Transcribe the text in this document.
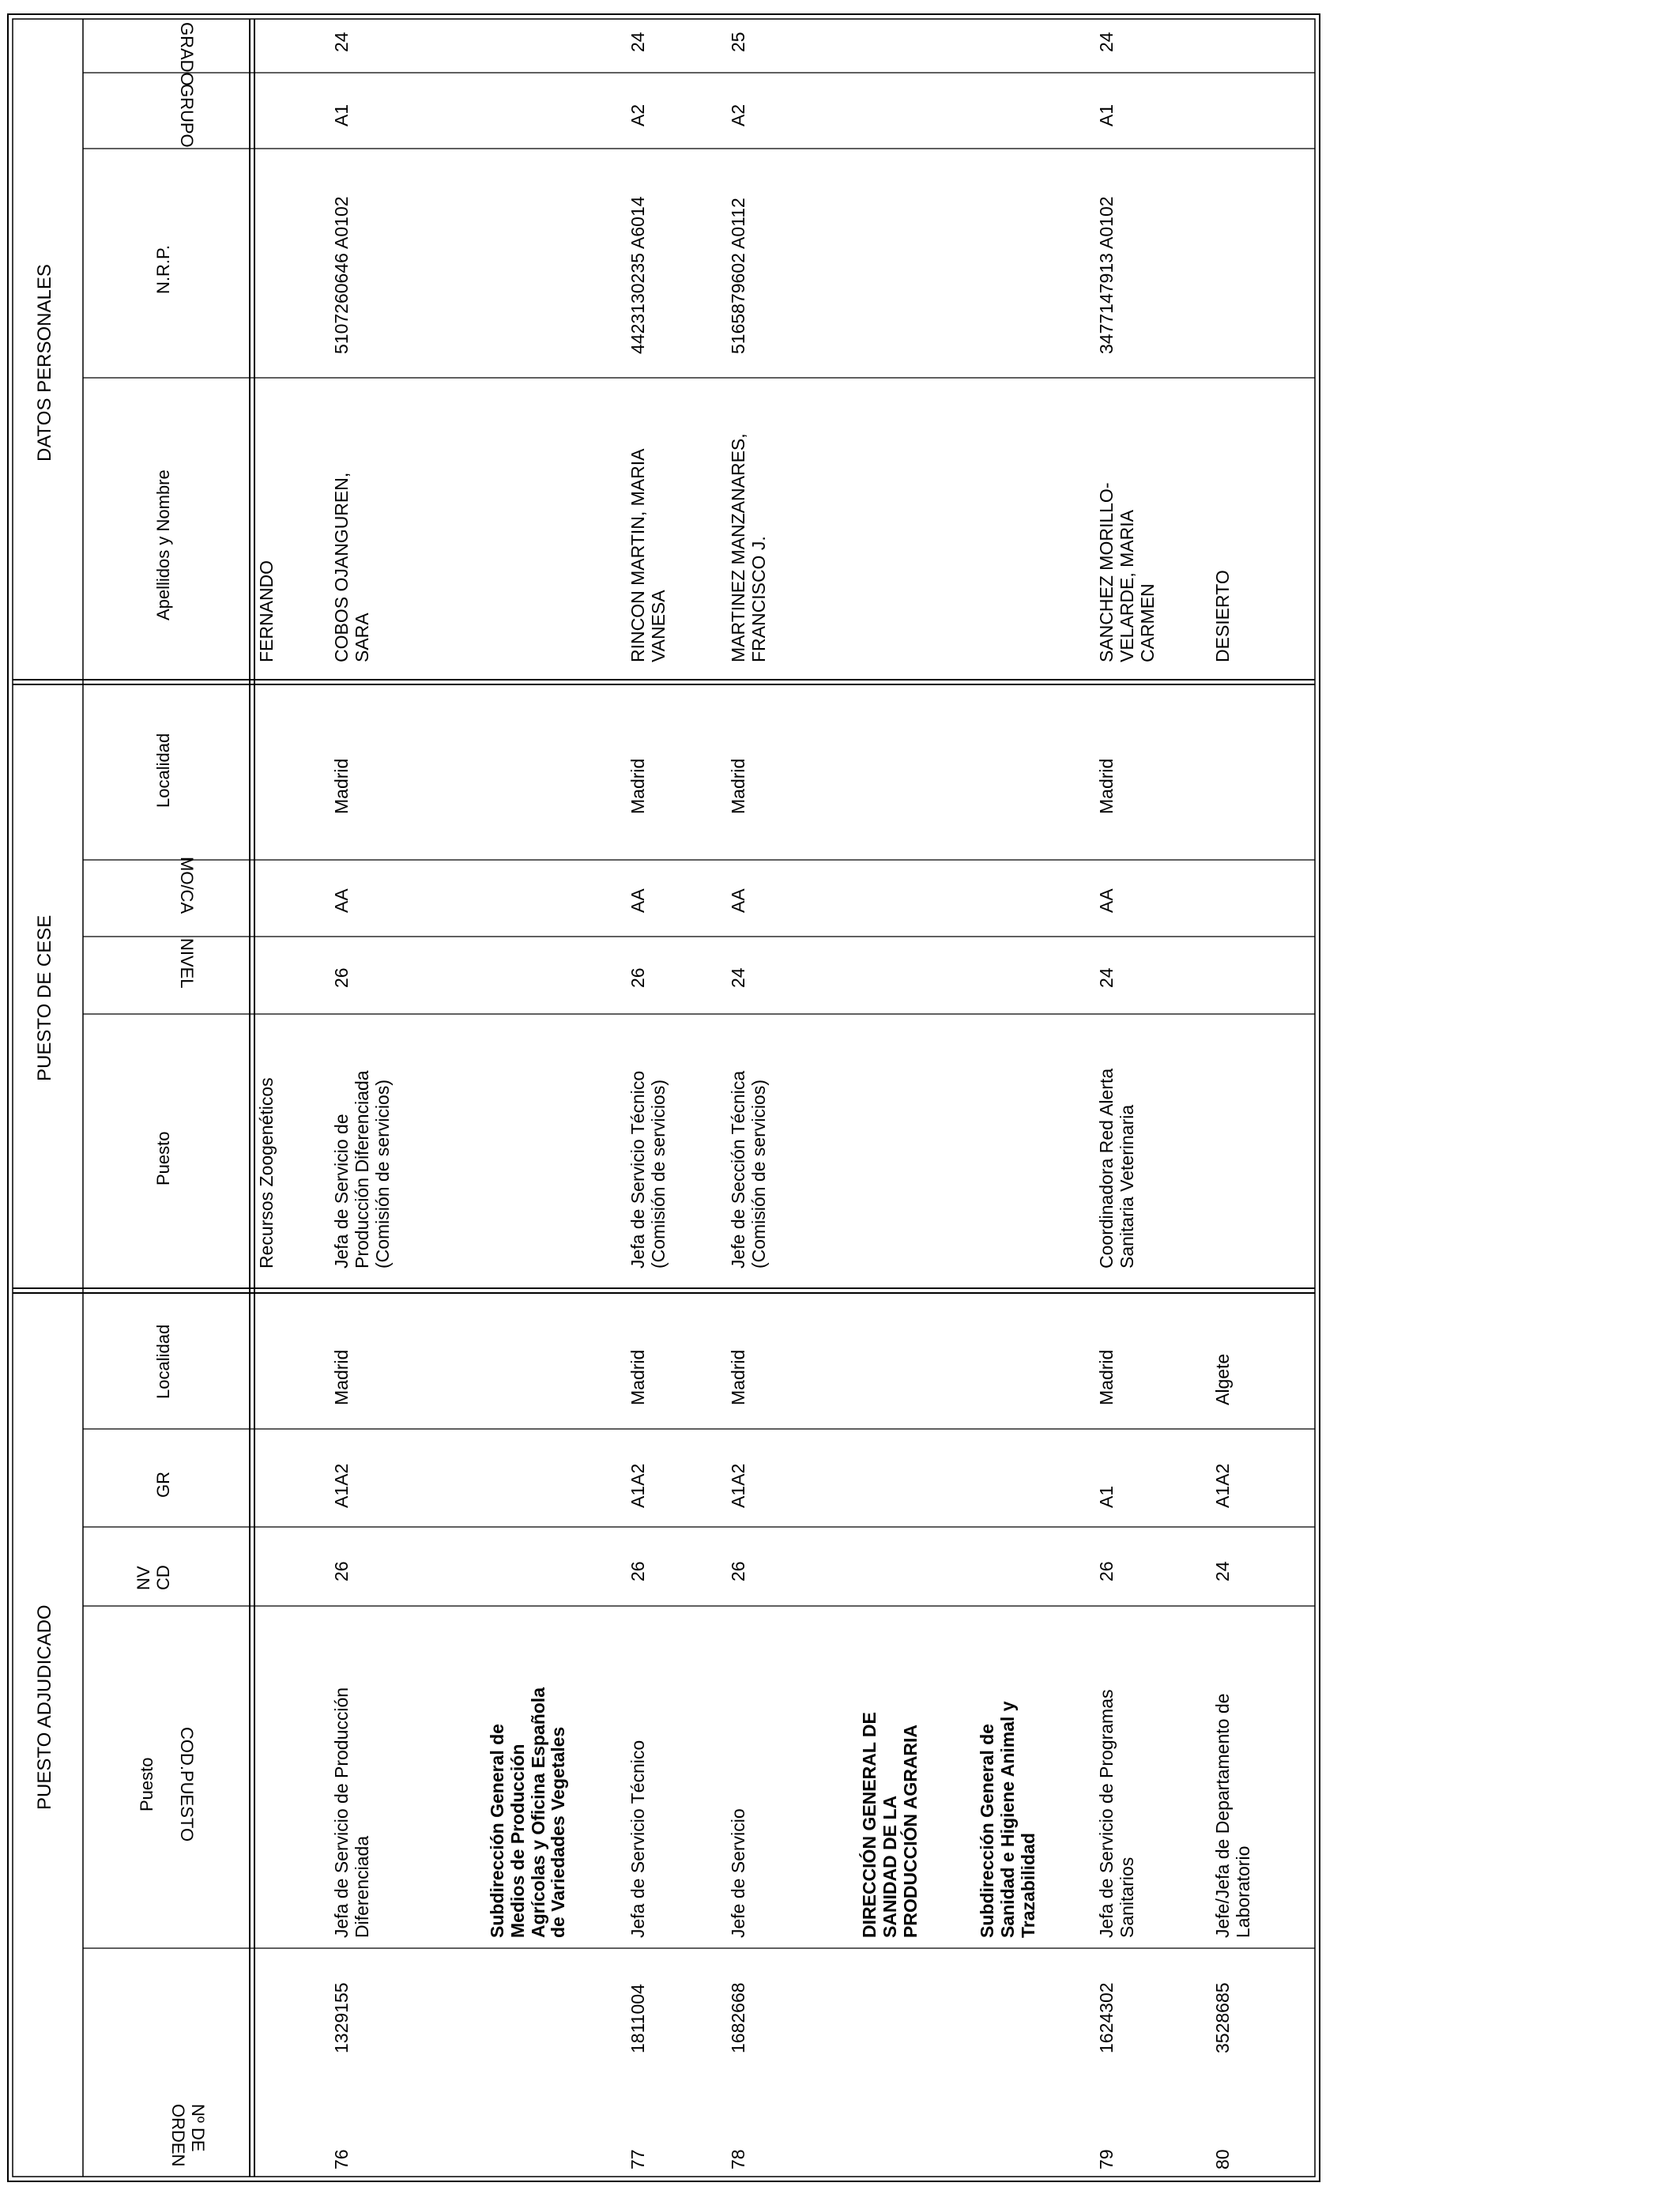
PUESTO ADJUDICADO
PUESTO DE CESE
DATOS PERSONALES
Puesto
NV
CD
GR
Localidad
Puesto
Localidad
Apellidos y Nombre
N.R.P.
Nº DE
ORDEN
COD.PUESTO
NIVEL
MO/CA
GRUPO
GRADO
Recursos Zoogenéticos
FERNANDO
76
1329155
Jefa de Servicio de Producción
Diferenciada
26
A1A2
Madrid
Jefa de Servicio de
Producción Diferenciada
(Comisión de servicios)
26
AA
Madrid
COBOS OJANGUREN,
SARA
5107260646 A0102
A1
24
Subdirección General de
Medios de Producción
Agrícolas y Oficina Española
de Variedades Vegetales
77
1811004
Jefa de Servicio Técnico
26
A1A2
Madrid
Jefa de Servicio Técnico
(Comisión de servicios)
26
AA
Madrid
RINCON MARTIN, MARIA
VANESA
4423130235 A6014
A2
24
78
1682668
Jefe de Servicio
26
A1A2
Madrid
Jefe de Sección Técnica
(Comisión de servicios)
24
AA
Madrid
MARTINEZ MANZANARES,
FRANCISCO J.
5165879602 A0112
A2
25
DIRECCIÓN GENERAL DE
SANIDAD DE LA
PRODUCCIÓN AGRARIA
Subdirección General de
Sanidad e Higiene Animal y
Trazabilidad
79
1624302
Jefa de Servicio de Programas
Sanitarios
26
A1
Madrid
Coordinadora Red Alerta
Sanitaria Veterinaria
24
AA
Madrid
SANCHEZ MORILLO-
VELARDE, MARIA
CARMEN
3477147913 A0102
A1
24
80
3528685
Jefe/Jefa de Departamento de
Laboratorio
24
A1A2
Algete
DESIERTO
